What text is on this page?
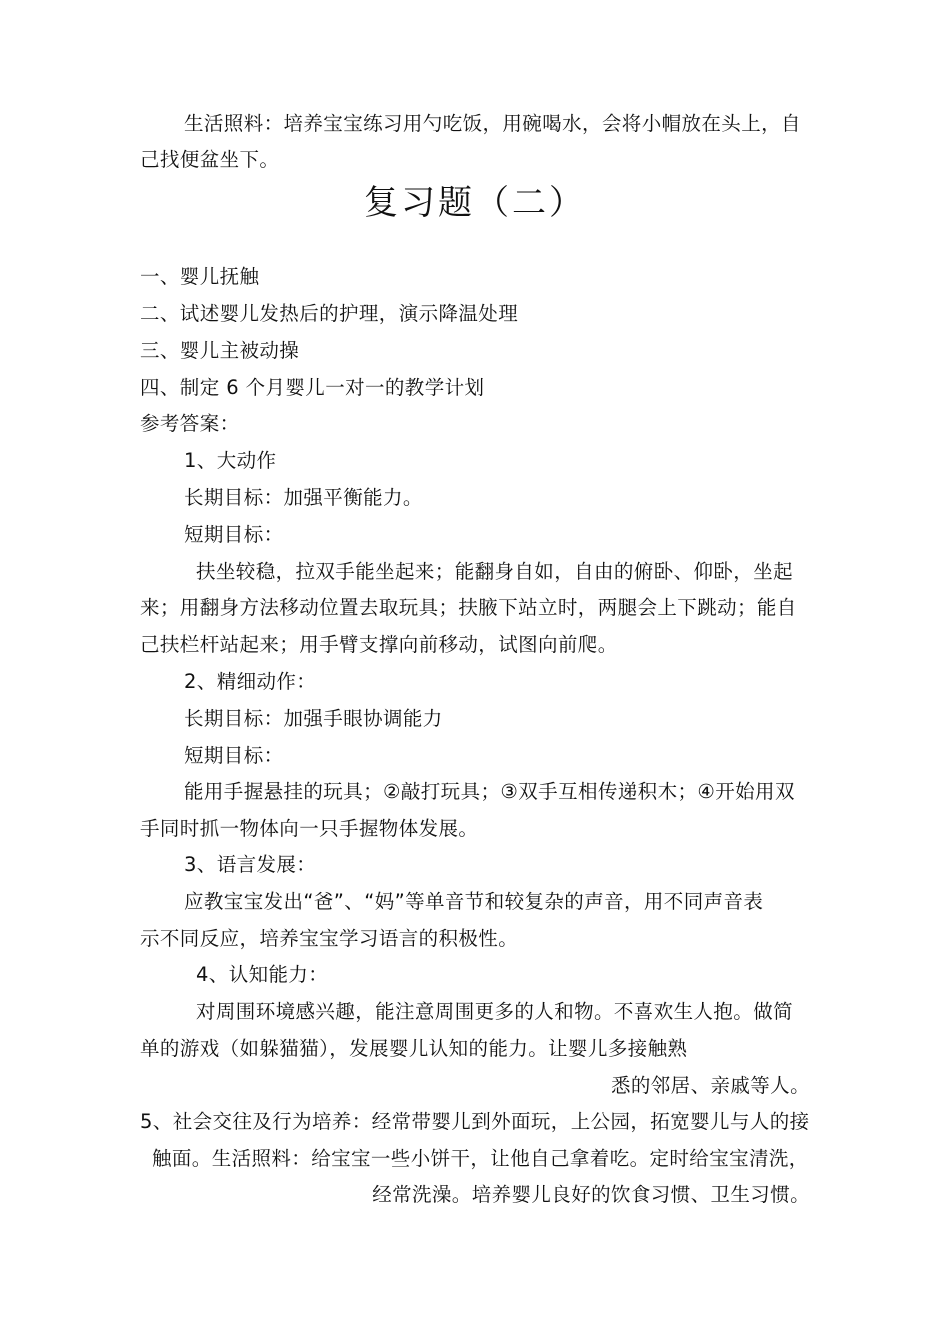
生活照料：培养宝宝练习用勺吃饭，用碗喝水，会将小帽放在头上，自
己找便盆坐下。
复习题（二）
一、婴儿抚触
二、试述婴儿发热后的护理，演示降温处理
三、婴儿主被动操
四、制定 6 个月婴儿一对一的教学计划
参考答案：
1、大动作
长期目标：加强平衡能力。
短期目标：
扶坐较稳，拉双手能坐起来；能翻身自如，自由的俯卧、仰卧，坐起
来；用翻身方法移动位置去取玩具；扶腋下站立时，两腿会上下跳动；能自
己扶栏杆站起来；用手臂支撑向前移动，试图向前爬。
2、精细动作：
长期目标：加强手眼协调能力
短期目标：
能用手握悬挂的玩具；②敲打玩具；③双手互相传递积木；④开始用双
手同时抓一物体向一只手握物体发展。
3、语言发展：
应教宝宝发出“爸”、“妈”等单音节和较复杂的声音，用不同声音表
示不同反应，培养宝宝学习语言的积极性。
4、认知能力：
对周围环境感兴趣，能注意周围更多的人和物。不喜欢生人抱。做简
单的游戏（如躲猫猫），发展婴儿认知的能力。让婴儿多接触熟
悉的邻居、亲戚等人。
5、社会交往及行为培养：经常带婴儿到外面玩，上公园，拓宽婴儿与人的接
触面。生活照料：给宝宝一些小饼干，让他自己拿着吃。定时给宝宝清洗，
经常洗澡。培养婴儿良好的饮食习惯、卫生习惯。
